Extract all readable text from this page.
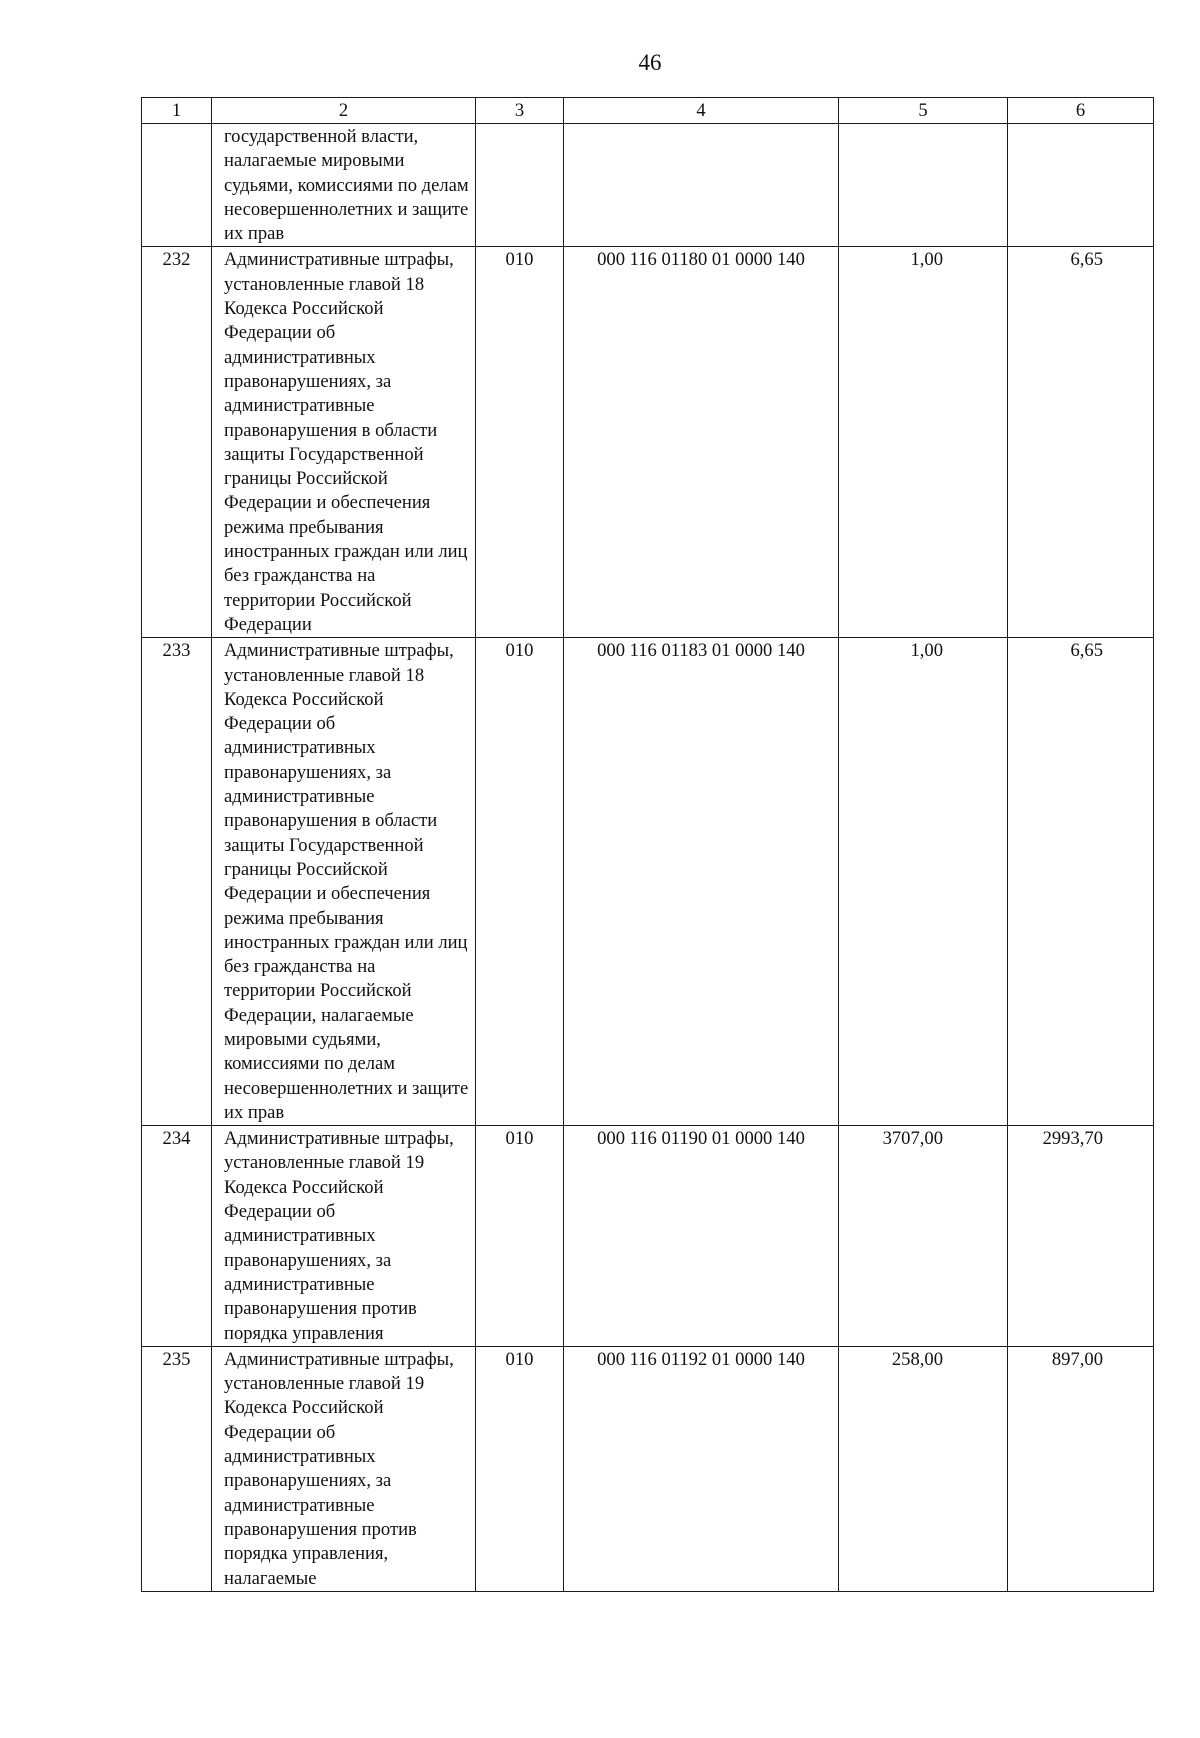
46
1	2	3	4	5	6
	государственной власти, налагаемые мировыми судьями, комиссиями по делам несовершеннолетних и защите их прав				
232	Административные штрафы, установленные главой 18 Кодекса Российской Федерации об административных правонарушениях, за административные правонарушения в области защиты Государственной границы Российской Федерации и обеспечения режима пребывания иностранных граждан или лиц без гражданства на территории Российской Федерации	010	000 116 01180 01 0000 140	1,00	6,65
233	Административные штрафы, установленные главой 18 Кодекса Российской Федерации об административных правонарушениях, за административные правонарушения в области защиты Государственной границы Российской Федерации и обеспечения режима пребывания иностранных граждан или лиц без гражданства на территории Российской Федерации, налагаемые мировыми судьями, комиссиями по делам несовершеннолетних и защите их прав	010	000 116 01183 01 0000 140	1,00	6,65
234	Административные штрафы, установленные главой 19 Кодекса Российской Федерации об административных правонарушениях, за административные правонарушения против порядка управления	010	000 116 01190 01 0000 140	3707,00	2993,70
235	Административные штрафы, установленные главой 19 Кодекса Российской Федерации об административных правонарушениях, за административные правонарушения против порядка управления, налагаемые	010	000 116 01192 01 0000 140	258,00	897,00
